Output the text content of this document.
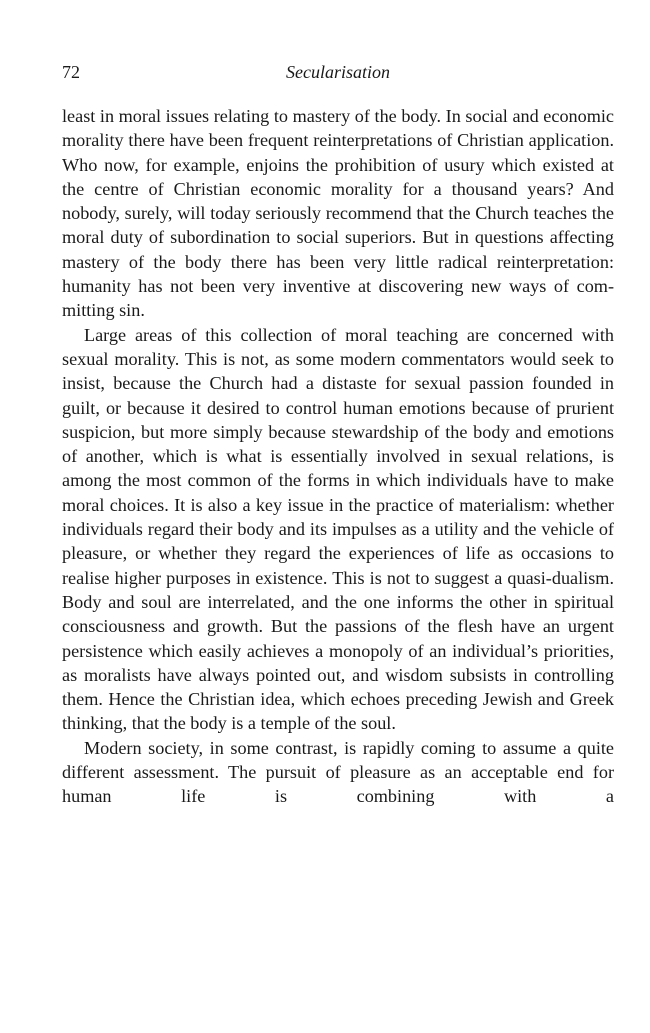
72	Secularisation

least in moral issues relating to mastery of the body. In social and economic morality there have been frequent reinterpretations of Christian application. Who now, for example, enjoins the prohibition of usury which existed at the centre of Christian economic morality for a thousand years? And nobody, surely, will today seriously recommend that the Church teaches the moral duty of subordination to social superiors. But in questions affecting mastery of the body there has been very little radical reinterpretation: humanity has not been very inventive at discovering new ways of committing sin.

Large areas of this collection of moral teaching are concerned with sexual morality. This is not, as some modern commentators would seek to insist, because the Church had a distaste for sexual passion founded in guilt, or because it desired to control human emotions because of prurient suspicion, but more simply because stewardship of the body and emotions of another, which is what is essentially involved in sexual relations, is among the most common of the forms in which individuals have to make moral choices. It is also a key issue in the practice of materialism: whether individuals regard their body and its impulses as a utility and the vehicle of pleasure, or whether they regard the experiences of life as occasions to realise higher purposes in existence. This is not to suggest a quasi-dualism. Body and soul are interrelated, and the one informs the other in spiritual consciousness and growth. But the passions of the flesh have an urgent persistence which easily achieves a monopoly of an individual’s priorities, as moralists have always pointed out, and wisdom subsists in controlling them. Hence the Christian idea, which echoes preceding Jewish and Greek thinking, that the body is a temple of the soul.

Modern society, in some contrast, is rapidly coming to assume a quite different assessment. The pursuit of pleasure as an acceptable end for human life is combining with a
